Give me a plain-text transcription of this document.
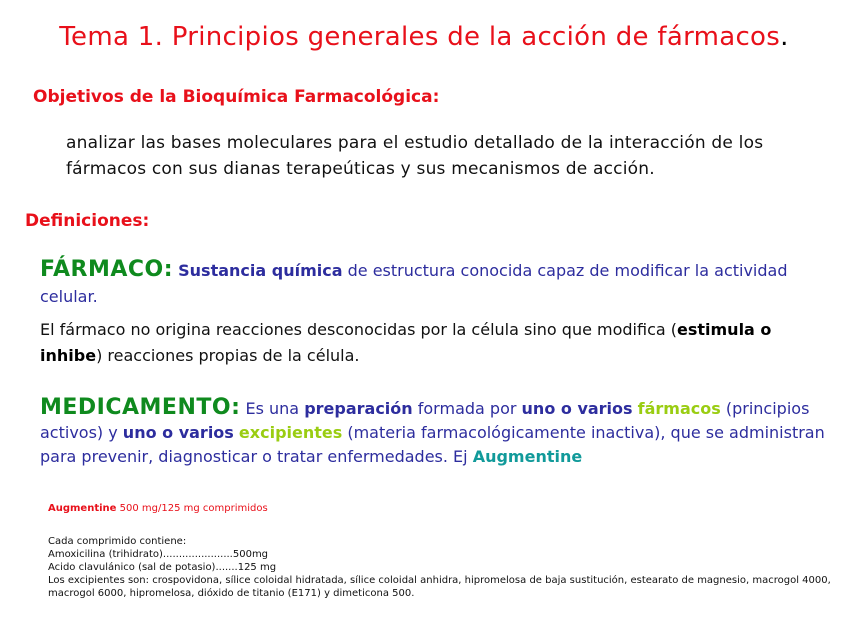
Tema 1. Principios generales de la acción de fármacos.
Objetivos de la Bioquímica Farmacológica:
analizar las bases moleculares para el estudio detallado de la interacción de los fármacos con sus dianas terapeúticas y sus mecanismos de acción.
Definiciones:
FÁRMACO: Sustancia química de estructura conocida capaz de modificar la actividad celular.
El fármaco no origina reacciones desconocidas por la célula sino que modifica (estimula o inhibe) reacciones propias de la célula.
MEDICAMENTO: Es una preparación formada por uno o varios fármacos (principios activos) y uno o varios excipientes (materia farmacológicamente inactiva), que se administran para prevenir, diagnosticar o tratar enfermedades. Ej Augmentine
Augmentine 500 mg/125 mg comprimidos
Cada comprimido contiene:
Amoxicilina (trihidrato)......................500mg
Acido clavulánico (sal de potasio).......125 mg
Los excipientes son: crospovidona, sílice coloidal hidratada, sílice coloidal anhidra, hipromelosa de baja sustitución, estearato de magnesio, macrogol 4000, macrogol 6000, hipromelosa, dióxido de titanio (E171) y dimeticona 500.
